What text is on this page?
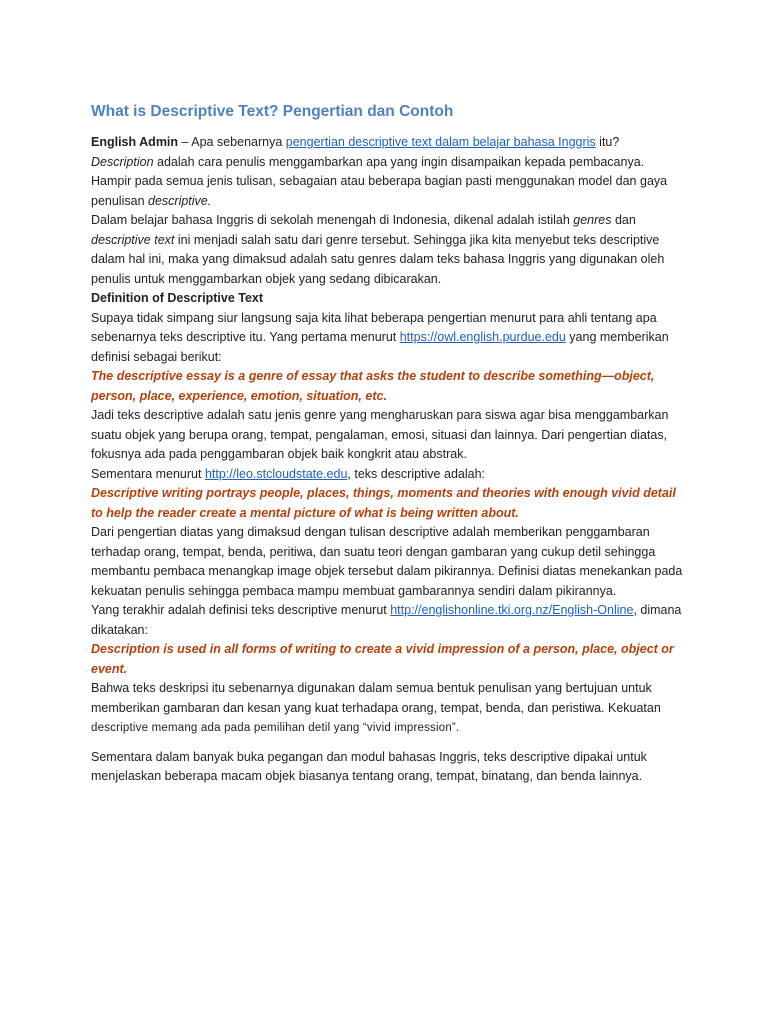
What is Descriptive Text? Pengertian dan Contoh

English Admin – Apa sebenarnya pengertian descriptive text dalam belajar bahasa Inggris itu? Description adalah cara penulis menggambarkan apa yang ingin disampaikan kepada pembacanya. Hampir pada semua jenis tulisan, sebagaian atau beberapa bagian pasti menggunakan model dan gaya penulisan descriptive.

Dalam belajar bahasa Inggris di sekolah menengah di Indonesia, dikenal adalah istilah genres dan descriptive text ini menjadi salah satu dari genre tersebut. Sehingga jika kita menyebut teks descriptive dalam hal ini, maka yang dimaksud adalah satu genres dalam teks bahasa Inggris yang digunakan oleh penulis untuk menggambarkan objek yang sedang dibicarakan.

Definition of Descriptive Text

Supaya tidak simpang siur langsung saja kita lihat beberapa pengertian menurut para ahli tentang apa sebenarnya teks descriptive itu. Yang pertama menurut https://owl.english.purdue.edu yang memberikan definisi sebagai berikut:

The descriptive essay is a genre of essay that asks the student to describe something—object, person, place, experience, emotion, situation, etc.

Jadi teks descriptive adalah satu jenis genre yang mengharuskan para siswa agar bisa menggambarkan suatu objek yang berupa orang, tempat, pengalaman, emosi, situasi dan lainnya. Dari pengertian diatas, fokusnya ada pada penggambaran objek baik kongkrit atau abstrak.

Sementara menurut http://leo.stcloudstate.edu, teks descriptive adalah:

Descriptive writing portrays people, places, things, moments and theories with enough vivid detail to help the reader create a mental picture of what is being written about.

Dari pengertian diatas yang dimaksud dengan tulisan descriptive adalah memberikan penggambaran terhadap orang, tempat, benda, peritiwa, dan suatu teori dengan gambaran yang cukup detil sehingga membantu pembaca menangkap image objek tersebut dalam pikirannya. Definisi diatas menekankan pada kekuatan penulis sehingga pembaca mampu membuat gambarannya sendiri dalam pikirannya.

Yang terakhir adalah definisi teks descriptive menurut http://englishonline.tki.org.nz/English-Online, dimana dikatakan:

Description is used in all forms of writing to create a vivid impression of a person, place, object or event.

Bahwa teks deskripsi itu sebenarnya digunakan dalam semua bentuk penulisan yang bertujuan untuk memberikan gambaran dan kesan yang kuat terhadapa orang, tempat, benda, dan peristiwa. Kekuatan descriptive memang ada pada pemilihan detil yang “vivid impression”.

Sementara dalam banyak buka pegangan dan modul bahasas Inggris, teks descriptive dipakai untuk menjelaskan beberapa macam objek biasanya tentang orang, tempat, binatang, dan benda lainnya.
